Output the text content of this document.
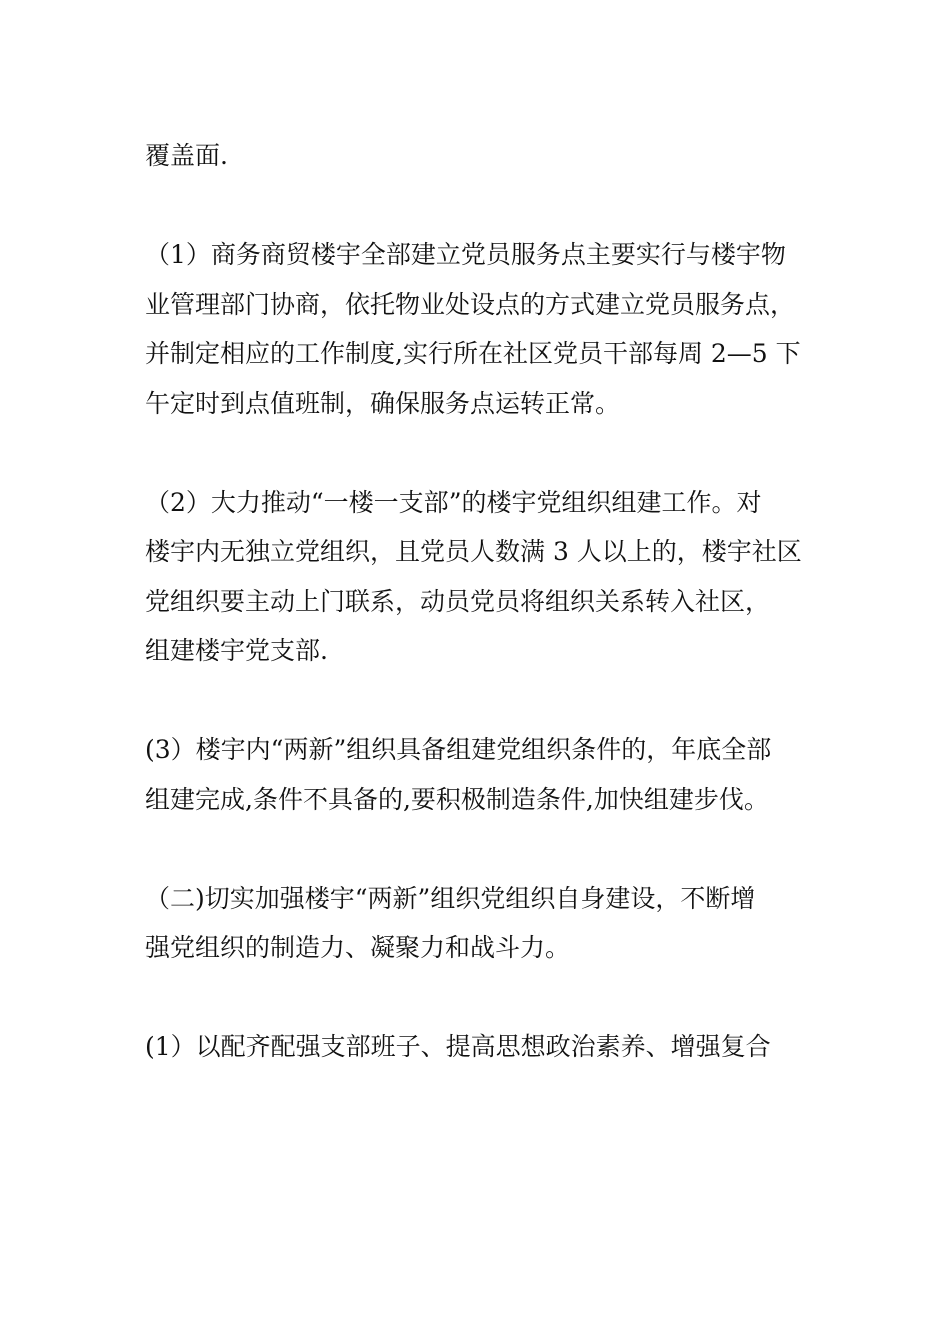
覆盖面.
（1）商务商贸楼宇全部建立党员服务点主要实行与楼宇物
业管理部门协商，依托物业处设点的方式建立党员服务点，
并制定相应的工作制度,实行所在社区党员干部每周 2—5 下
午定时到点值班制，确保服务点运转正常。
（2）大力推动“一楼一支部”的楼宇党组织组建工作。对
楼宇内无独立党组织，且党员人数满 3 人以上的，楼宇社区
党组织要主动上门联系，动员党员将组织关系转入社区，
组建楼宇党支部.
(3）楼宇内“两新”组织具备组建党组织条件的，年底全部
组建完成,条件不具备的,要积极制造条件,加快组建步伐。
（二)切实加强楼宇“两新”组织党组织自身建设，不断增
强党组织的制造力、凝聚力和战斗力。
(1）以配齐配强支部班子、提高思想政治素养、增强复合
